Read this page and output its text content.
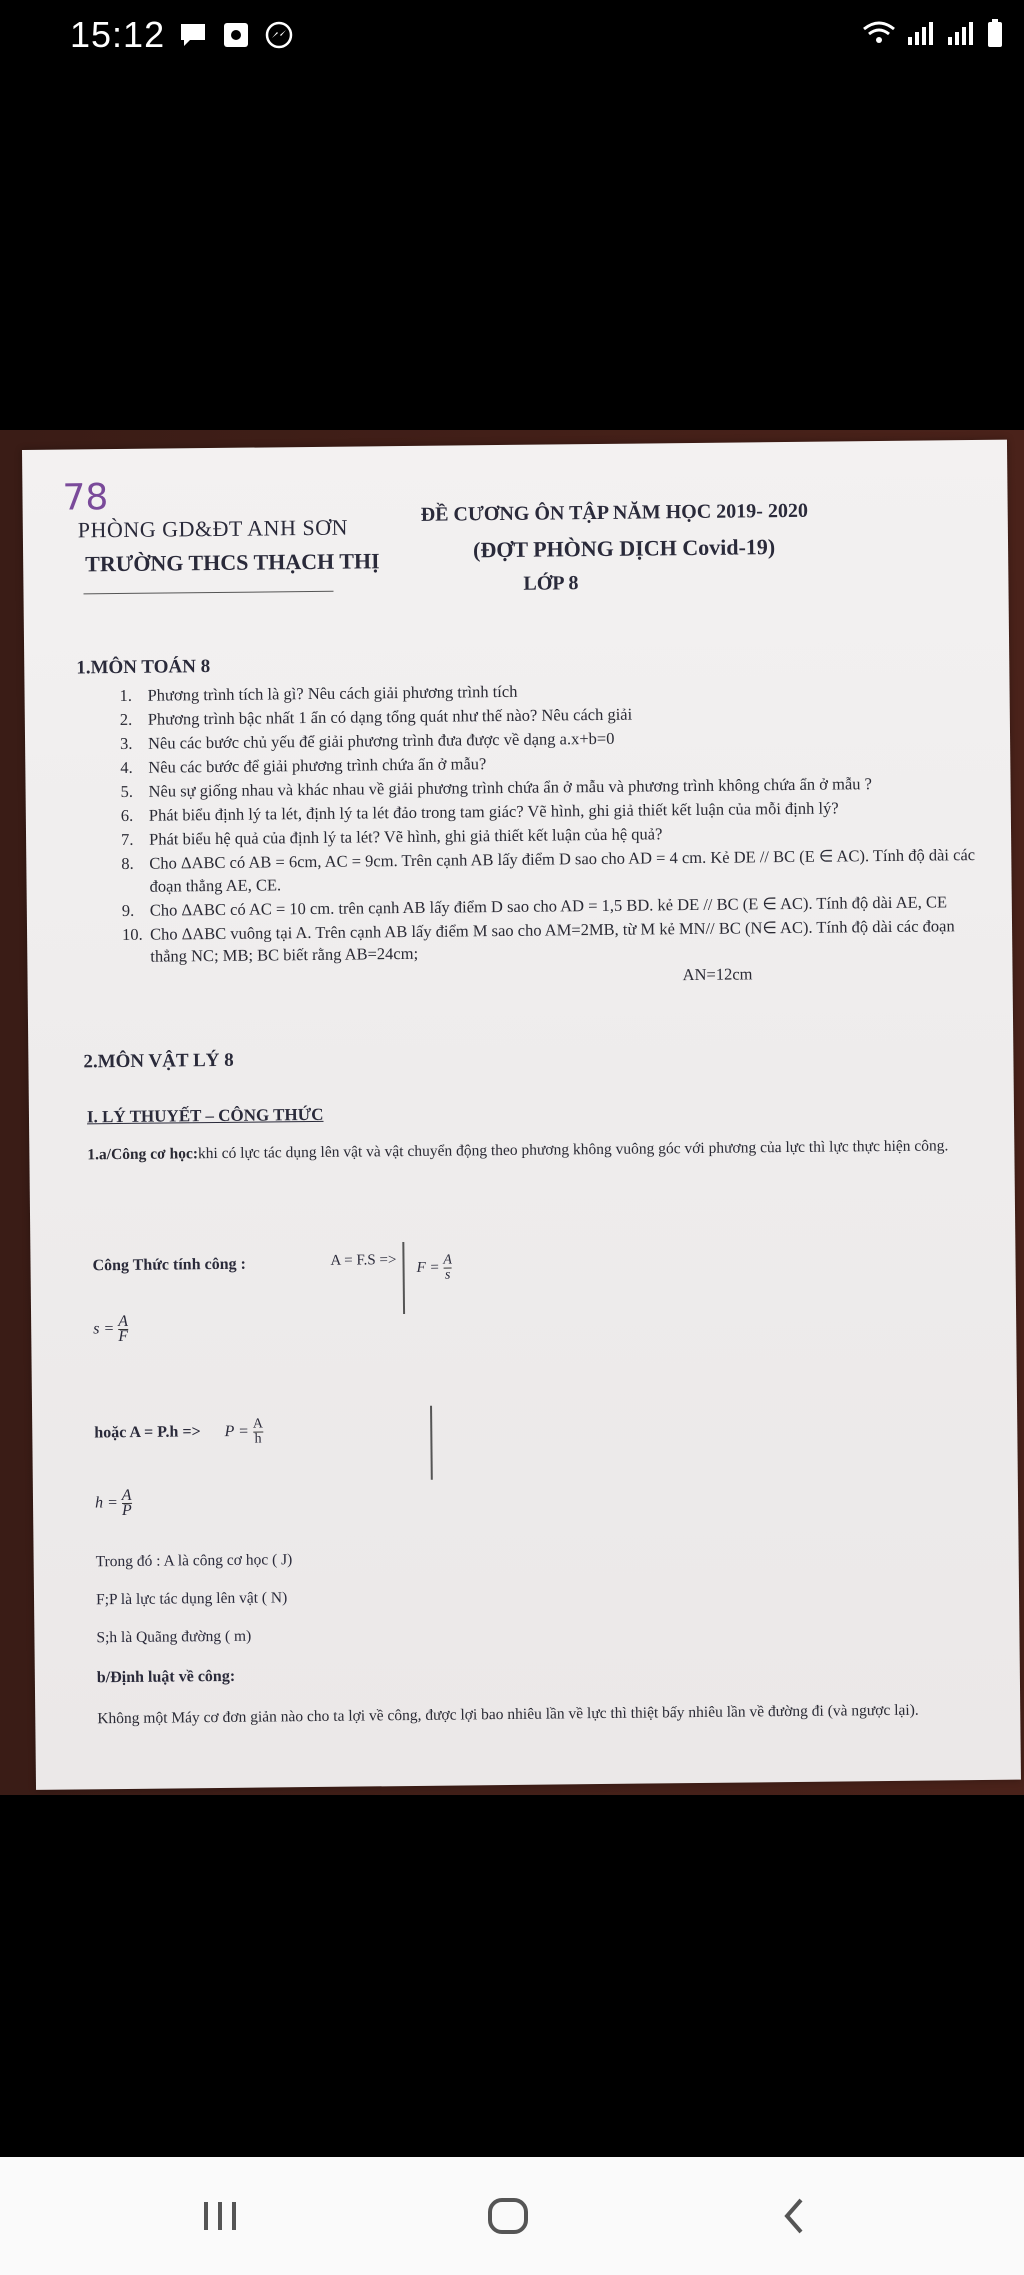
15:12
78
PHÒNG GD&ĐT ANH SƠN
TRƯỜNG THCS THẠCH THỊ
ĐỀ CƯƠNG ÔN TẬP NĂM HỌC 2019- 2020
(ĐỢT PHÒNG DỊCH Covid-19)
LỚP 8
1.MÔN TOÁN 8
1. Phương trình tích là gì? Nêu cách giải phương trình tích
2. Phương trình bậc nhất 1 ẩn có dạng tổng quát như thế nào? Nêu cách giải
3. Nêu các bước chủ yếu để giải phương trình đưa được về dạng a.x+b=0
4. Nêu các bước để giải phương trình chứa ẩn ở mẫu?
5. Nêu sự giống nhau và khác nhau về giải phương trình chứa ẩn ở mẫu và phương trình không chứa ẩn ở mẫu ?
6. Phát biểu định lý ta lét, định lý ta lét đảo trong tam giác? Vẽ hình, ghi giả thiết kết luận của mỗi định lý?
7. Phát biểu hệ quả của định lý ta lét? Vẽ hình, ghi giả thiết kết luận của hệ quả?
8. Cho ΔABC có AB = 6cm, AC = 9cm. Trên cạnh AB lấy điểm D sao cho AD = 4 cm. Kẻ DE // BC (E ∈ AC). Tính độ dài các đoạn thẳng AE, CE.
9. Cho ΔABC có AC = 10 cm. trên cạnh AB lấy điểm D sao cho AD = 1,5 BD. kẻ DE // BC (E ∈ AC). Tính độ dài AE, CE
10. Cho ΔABC vuông tại A. Trên cạnh AB lấy điểm M sao cho AM=2MB, từ M kẻ MN// BC (N∈ AC). Tính độ dài các đoạn thẳng NC; MB; BC biết rằng AB=24cm;
AN=12cm
2.MÔN VẬT LÝ 8
I. LÝ THUYẾT – CÔNG THỨC
1.a/Công cơ học:khi có lực tác dụng lên vật và vật chuyển động theo phương không vuông góc với phương của lực thì lực thực hiện công.
Công Thức tính công :	$A = F.S => F = \frac{A}{s}$
$s = \frac{A}{F}$
hoặc $A = P.h => P = \frac{A}{h}$
$h = \frac{A}{P}$
Trong đó : A là công cơ học ( J)
F;P là lực tác dụng lên vật ( N)
S;h là Quãng đường ( m)
b/Định luật về công:
Không một Máy cơ đơn giản nào cho ta lợi về công, được lợi bao nhiêu lần về lực thì thiệt bấy nhiêu lần về đường đi (và ngược lại).
